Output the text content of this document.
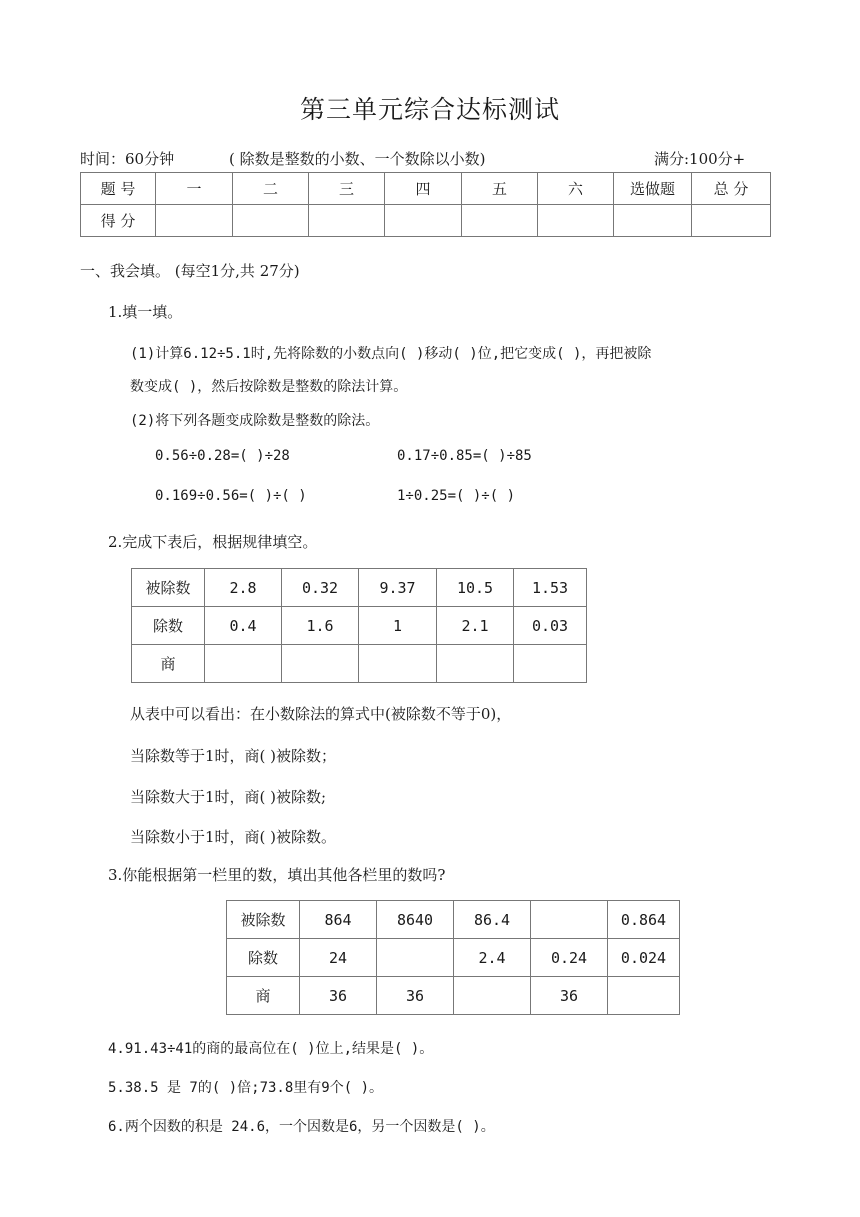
第三单元综合达标测试
时间：60分钟	( 除数是整数的小数、一个数除以小数)	满分:100分+
题 号	一	二	三	四	五	六	选做题	总 分
得 分								
一、我会填。 (每空1分,共 27分)
1.填一填。
(1)计算6.12÷5.1时,先将除数的小数点向( )移动( )位,把它变成( )，再把被除
数变成( )，然后按除数是整数的除法计算。
(2)将下列各题变成除数是整数的除法。
0.56÷0.28=( )÷28	0.17÷0.85=( )÷85
0.169÷0.56=( )÷( )	1÷0.25=( )÷( )
2.完成下表后，根据规律填空。
被除数	2.8	0.32	9.37	10.5	1.53
除数	0.4	1.6	1	2.1	0.03
商					
从表中可以看出：在小数除法的算式中(被除数不等于0)，
当除数等于1时，商( )被除数；
当除数大于1时，商( )被除数;
当除数小于1时，商( )被除数。
3.你能根据第一栏里的数，填出其他各栏里的数吗?
被除数	864	8640	86.4		0.864
除数	24		2.4	0.24	0.024
商	36	36		36	
4.91.43÷41的商的最高位在( )位上,结果是( )。
5.38.5 是 7的( )倍;73.8里有9个( )。
6.两个因数的积是 24.6，一个因数是6，另一个因数是( )。
